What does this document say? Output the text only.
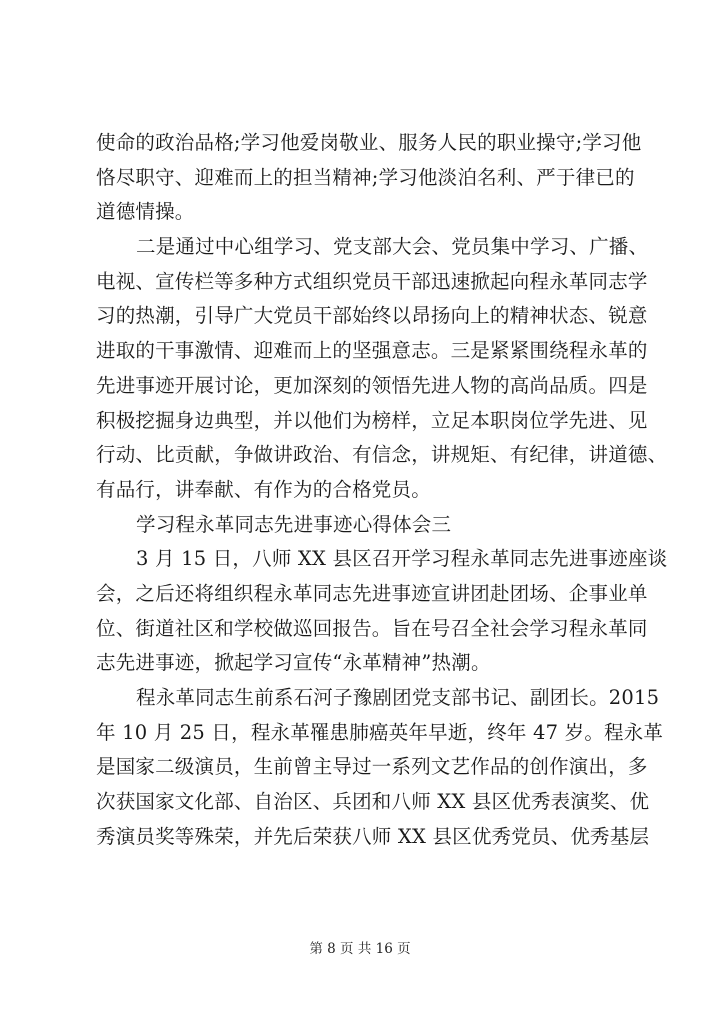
使命的政治品格;学习他爱岗敬业、服务人民的职业操守;学习他
恪尽职守、迎难而上的担当精神;学习他淡泊名利、严于律已的
道德情操。
二是通过中心组学习、党支部大会、党员集中学习、广播、
电视、宣传栏等多种方式组织党员干部迅速掀起向程永革同志学
习的热潮，引导广大党员干部始终以昂扬向上的精神状态、锐意
进取的干事激情、迎难而上的坚强意志。三是紧紧围绕程永革的
先进事迹开展讨论，更加深刻的领悟先进人物的高尚品质。四是
积极挖掘身边典型，并以他们为榜样，立足本职岗位学先进、见
行动、比贡献，争做讲政治、有信念，讲规矩、有纪律，讲道德、
有品行，讲奉献、有作为的合格党员。
学习程永革同志先进事迹心得体会三
3 月 15 日，八师 XX 县区召开学习程永革同志先进事迹座谈
会，之后还将组织程永革同志先进事迹宣讲团赴团场、企事业单
位、街道社区和学校做巡回报告。旨在号召全社会学习程永革同
志先进事迹，掀起学习宣传“永革精神”热潮。
程永革同志生前系石河子豫剧团党支部书记、副团长。2015
年 10 月 25 日，程永革罹患肺癌英年早逝，终年 47 岁。程永革
是国家二级演员，生前曾主导过一系列文艺作品的创作演出，多
次获国家文化部、自治区、兵团和八师 XX 县区优秀表演奖、优
秀演员奖等殊荣，并先后荣获八师 XX 县区优秀党员、优秀基层
第 8 页 共 16 页
